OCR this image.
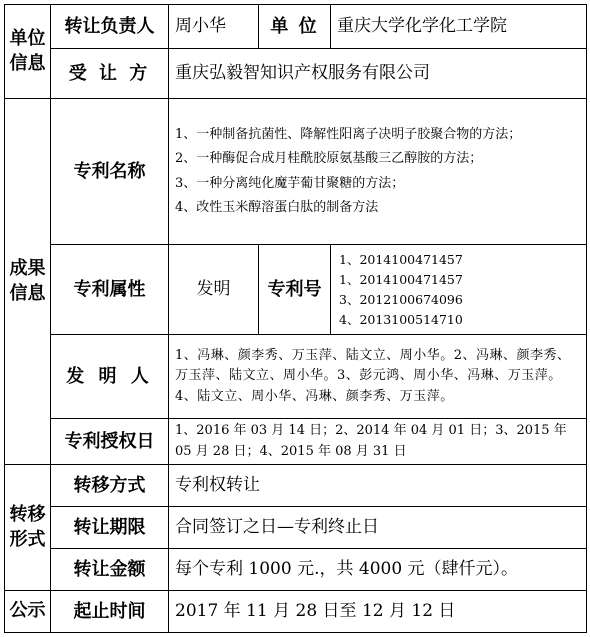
单位信息	转让负责人	周小华	单 位	重庆大学化学化工学院
	受 让 方	重庆弘毅智知识产权服务有限公司		
成果信息	专利名称	1、一种制备抗菌性、降解性阳离子决明子胶聚合物的方法；
2、一种酶促合成月桂酰胶原氨基酸三乙醇胺的方法；
3、一种分离纯化魔芋葡甘聚糖的方法；
4、改性玉米醇溶蛋白肽的制备方法		

	专利属性	发明	专利号	1、2014100471457
1、2014100471457
3、2012100674096
4、2013100514710

	发 明 人	1、冯琳、颜李秀、万玉萍、陆文立、周小华。2、冯琳、颜李秀、万玉萍、陆文立、周小华。3、彭元鸿、周小华、冯琳、万玉萍。4、陆文立、周小华、冯琳、颜李秀、万玉萍。		
	专利授权日	1、2016 年 03 月 14 日；2、2014 年 04 月 01 日；3、2015 年 05 月 28 日；4、2015 年 08 月 31 日		
转移形式	转移方式	专利权转让		
	转让期限	合同签订之日—专利终止日		
	转让金额	每个专利 1000 元.，共 4000 元（肆仟元）。		
公示	起止时间	2017 年 11 月 28 日至 12 月 12 日		
